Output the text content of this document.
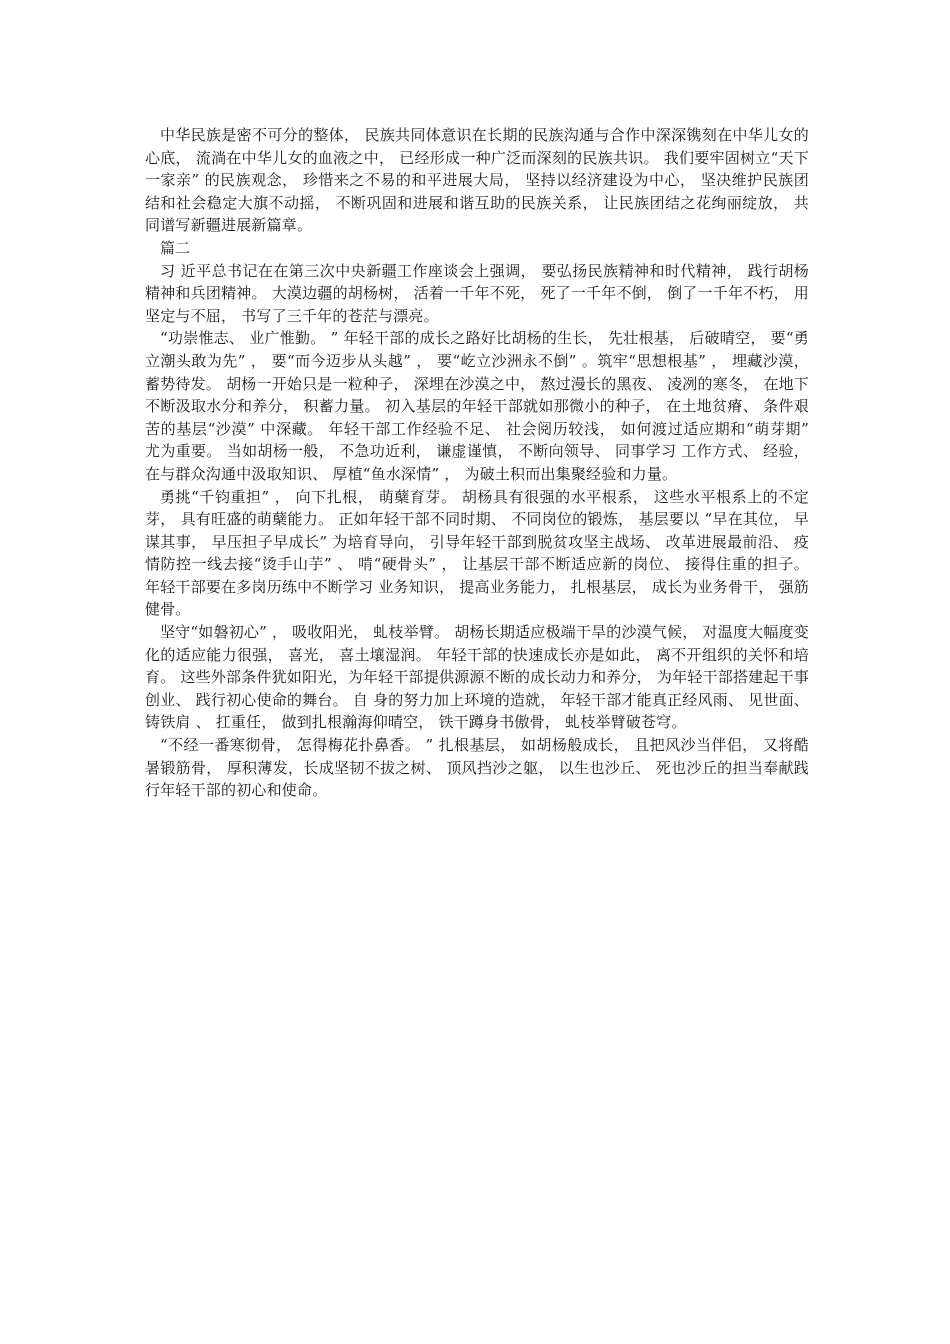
中华民族是密不可分的整体， 民族共同体意识在长期的民族沟通与合作中深深镌刻在中华儿女的心底， 流淌在中华儿女的血液之中， 已经形成一种广泛而深刻的民族共识。 我们要牢固树立“天下一家亲” 的民族观念， 珍惜来之不易的和平进展大局， 坚持以经济建设为中心， 坚决维护民族团结和社会稳定大旗不动摇， 不断巩固和进展和谐互助的民族关系， 让民族团结之花绚丽绽放， 共同谱写新疆进展新篇章。

篇二

习 近平总书记在在第三次中央新疆工作座谈会上强调， 要弘扬民族精神和时代精神， 践行胡杨精神和兵团精神。 大漠边疆的胡杨树， 活着一千年不死， 死了一千年不倒， 倒了一千年不朽， 用坚定与不屈， 书写了三千年的苍茫与漂亮。

“功崇惟志、 业广惟勤。 ” 年轻干部的成长之路好比胡杨的生长， 先壮根基， 后破晴空， 要“勇立潮头敢为先” ， 要“而今迈步从头越” ， 要“屹立沙洲永不倒” 。筑牢“思想根基” ， 埋藏沙漠， 蓄势待发。 胡杨一开始只是一粒种子， 深埋在沙漠之中， 熬过漫长的黑夜、 凌冽的寒冬， 在地下不断汲取水分和养分， 积蓄力量。 初入基层的年轻干部就如那微小的种子， 在土地贫瘠、 条件艰苦的基层“沙漠” 中深藏。 年轻干部工作经验不足、 社会阅历较浅， 如何渡过适应期和“萌芽期” 尤为重要。 当如胡杨一般， 不急功近利， 谦虚谨慎， 不断向领导、 同事学习 工作方式、 经验， 在与群众沟通中汲取知识、 厚植“鱼水深情” ， 为破土积而出集聚经验和力量。

勇挑“千钧重担” ， 向下扎根， 萌蘖育芽。 胡杨具有很强的水平根系， 这些水平根系上的不定芽， 具有旺盛的萌蘖能力。 正如年轻干部不同时期、 不同岗位的锻炼， 基层要以 “早在其位， 早谋其事， 早压担子早成长” 为培育导向， 引导年轻干部到脱贫攻坚主战场、 改革进展最前沿、 疫情防控一线去接“烫手山芋” 、 啃“硬骨头” ， 让基层干部不断适应新的岗位、 接得住重的担子。 年轻干部要在多岗历练中不断学习 业务知识， 提高业务能力， 扎根基层， 成长为业务骨干， 强筋健骨。

坚守“如磐初心” ， 吸收阳光， 虬枝举臂。 胡杨长期适应极端干旱的沙漠气候， 对温度大幅度变化的适应能力很强， 喜光， 喜土壤湿润。 年轻干部的快速成长亦是如此， 离不开组织的关怀和培育。 这些外部条件犹如阳光，为年轻干部提供源源不断的成长动力和养分， 为年轻干部搭建起干事创业、 践行初心使命的舞台。 自 身的努力加上环境的造就， 年轻干部才能真正经风雨、 见世面、 铸铁肩 、 扛重任， 做到扎根瀚海仰晴空， 铁干蹲身书傲骨， 虬枝举臂破苍穹。

“不经一番寒彻骨， 怎得梅花扑鼻香。 ” 扎根基层， 如胡杨般成长， 且把风沙当伴侣， 又将酷暑锻筋骨， 厚积薄发，长成坚韧不拔之树、 顶风挡沙之躯， 以生也沙丘、 死也沙丘的担当奉献践行年轻干部的初心和使命。
